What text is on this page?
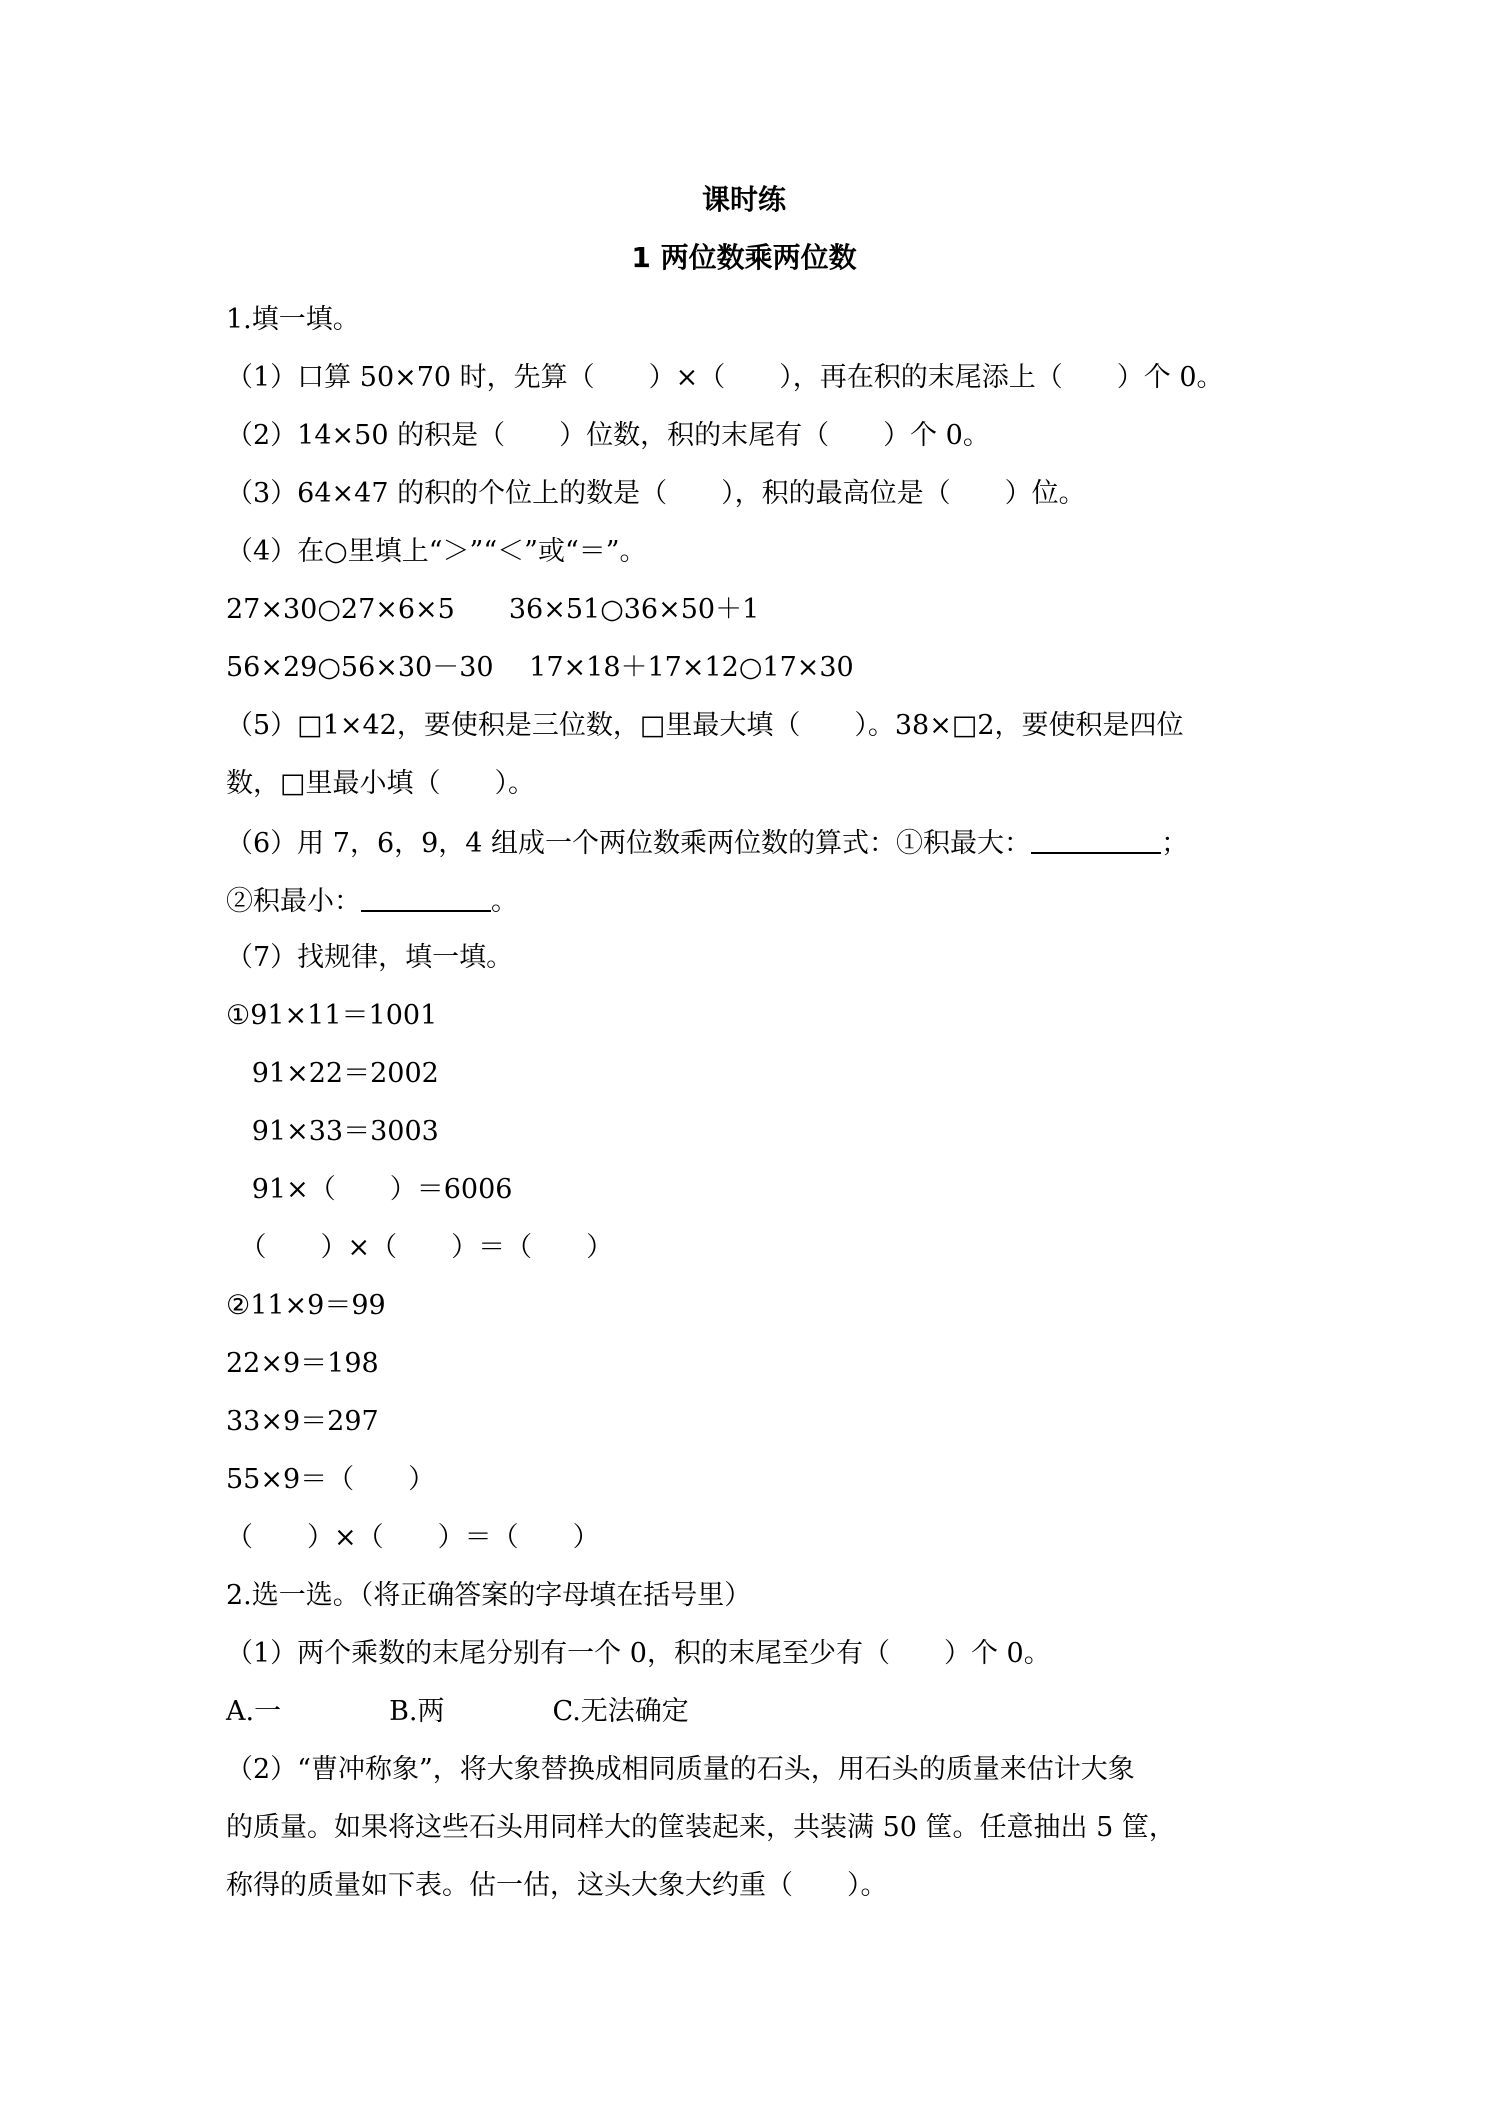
课时练
1 两位数乘两位数
1.填一填。
（1）口算 50×70 时，先算（　　）×（　　），再在积的末尾添上（　　）个 0。
（2）14×50 的积是（　　）位数，积的末尾有（　　）个 0。
（3）64×47 的积的个位上的数是（　　），积的最高位是（　　）位。
（4）在○里填上“＞”“＜”或“＝”。
27×30○27×6×5　　36×51○36×50＋1
56×29○56×30－30　 17×18＋17×12○17×30
（5）□1×42，要使积是三位数，□里最大填（　　）。38×□2，要使积是四位
数，□里最小填（　　）。
（6）用 7，6，9，4 组成一个两位数乘两位数的算式：①积最大：	；
②积最小：	。
（7）找规律，填一填。
①91×11＝1001
91×22＝2002
91×33＝3003
91×（　　）＝6006
　（　　）×（　　）＝（　　）
②11×9＝99
22×9＝198
33×9＝297
55×9＝（　　）
（　　）×（　　）＝（　　）
2.选一选。（将正确答案的字母填在括号里）
（1）两个乘数的末尾分别有一个 0，积的末尾至少有（　　）个 0。
A.一　　　　B.两　　　　C.无法确定
（2）“曹冲称象”，将大象替换成相同质量的石头，用石头的质量来估计大象
的质量。如果将这些石头用同样大的筐装起来，共装满 50 筐。任意抽出 5 筐，
称得的质量如下表。估一估，这头大象大约重（　　）。
